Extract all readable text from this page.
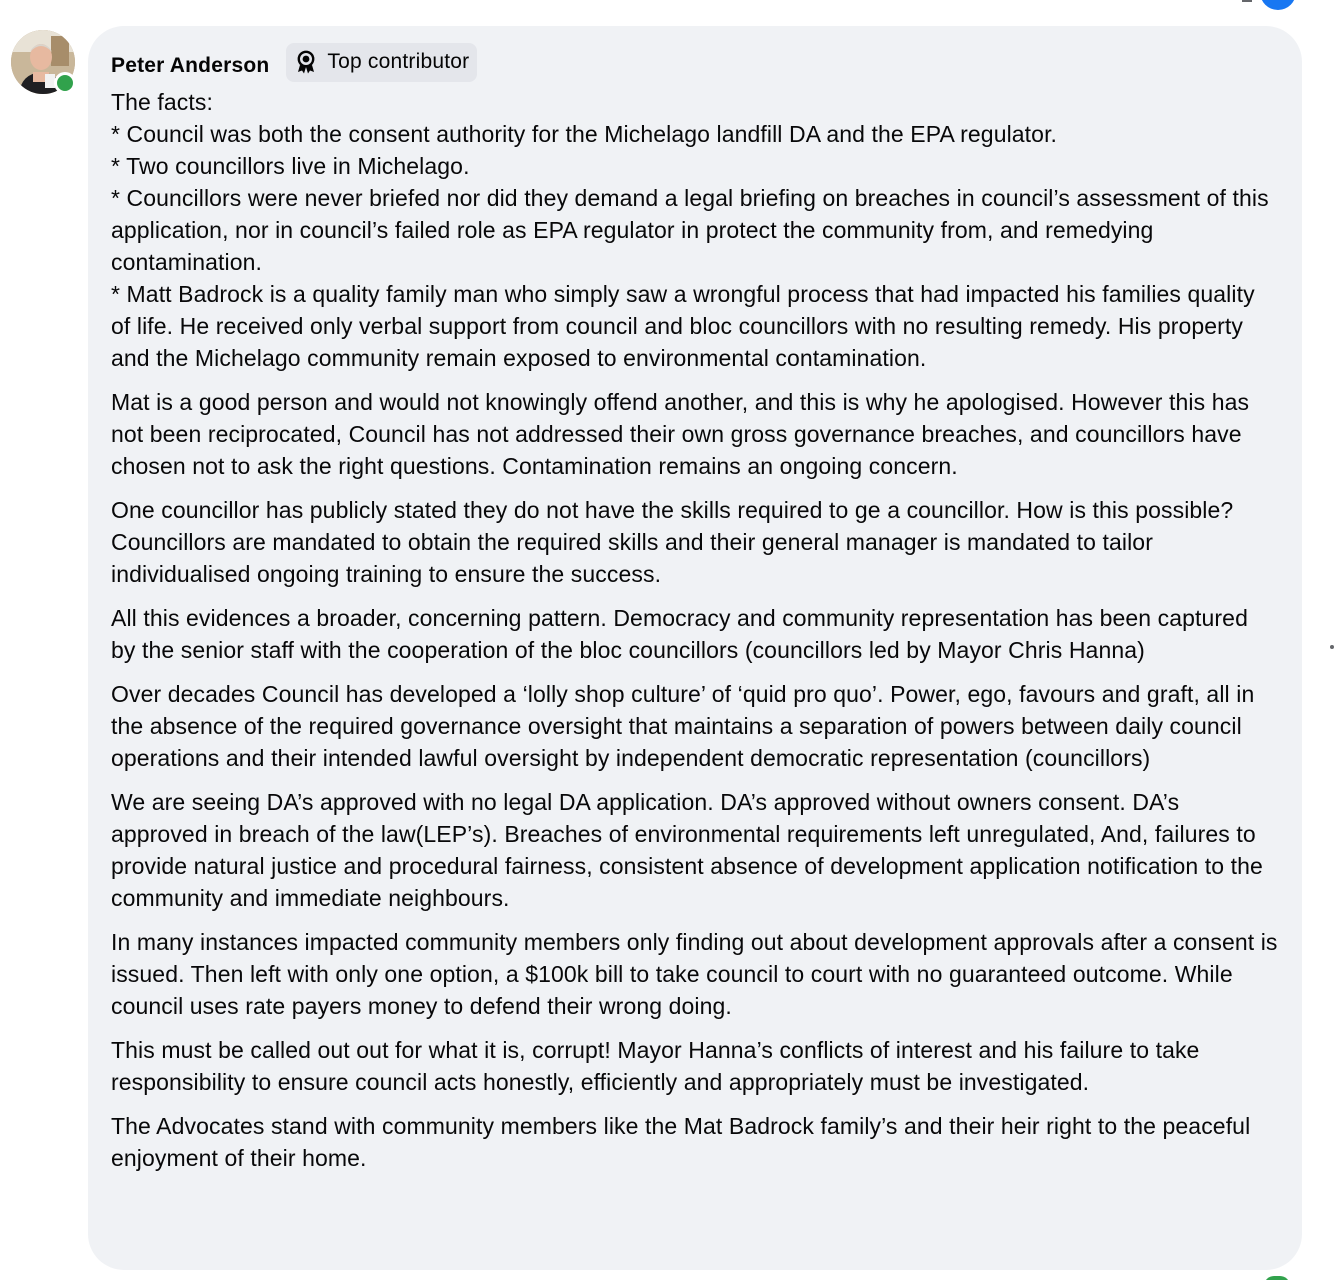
Peter Anderson	Top contributor

The facts:
* Council was both the consent authority for the Michelago landfill DA and the EPA regulator.
* Two councillors live in Michelago.
* Councillors were never briefed nor did they demand a legal briefing on breaches in council’s assessment of this application, nor in council’s failed role as EPA regulator in protect the community from, and remedying contamination.
* Matt Badrock is a quality family man who simply saw a wrongful process that had impacted his families quality of life. He received only verbal support from council and bloc councillors with no resulting remedy. His property and the Michelago community remain exposed to environmental contamination.

Mat is a good person and would not knowingly offend another, and this is why he apologised. However this has not been reciprocated, Council has not addressed their own gross governance breaches, and councillors have chosen not to ask the right questions. Contamination remains an ongoing concern.

One councillor has publicly stated they do not have the skills required to ge a councillor. How is this possible? Councillors are mandated to obtain the required skills and their general manager is mandated to tailor individualised ongoing training to ensure the success.

All this evidences a broader, concerning pattern. Democracy and community representation has been captured by the senior staff with the cooperation of the bloc councillors (councillors led by Mayor Chris Hanna)

Over decades Council has developed a ‘lolly shop culture’ of ‘quid pro quo’. Power, ego, favours and graft, all in the absence of the required governance oversight that maintains a separation of powers between daily council operations and their intended lawful oversight by independent democratic representation (councillors)

We are seeing DA’s approved with no legal DA application. DA’s approved without owners consent. DA’s approved in breach of the law(LEP’s). Breaches of environmental requirements left unregulated, And, failures to provide natural justice and procedural fairness, consistent absence of development application notification to the community and immediate neighbours.

In many instances impacted community members only finding out about development approvals after a consent is issued. Then left with only one option, a $100k bill to take council to court with no guaranteed outcome. While council uses rate payers money to defend their wrong doing.

This must be called out out for what it is, corrupt! Mayor Hanna’s conflicts of interest and his failure to take responsibility to ensure council acts honestly, efficiently and appropriately must be investigated.

The Advocates stand with community members like the Mat Badrock family’s and their heir right to the peaceful enjoyment of their home.
